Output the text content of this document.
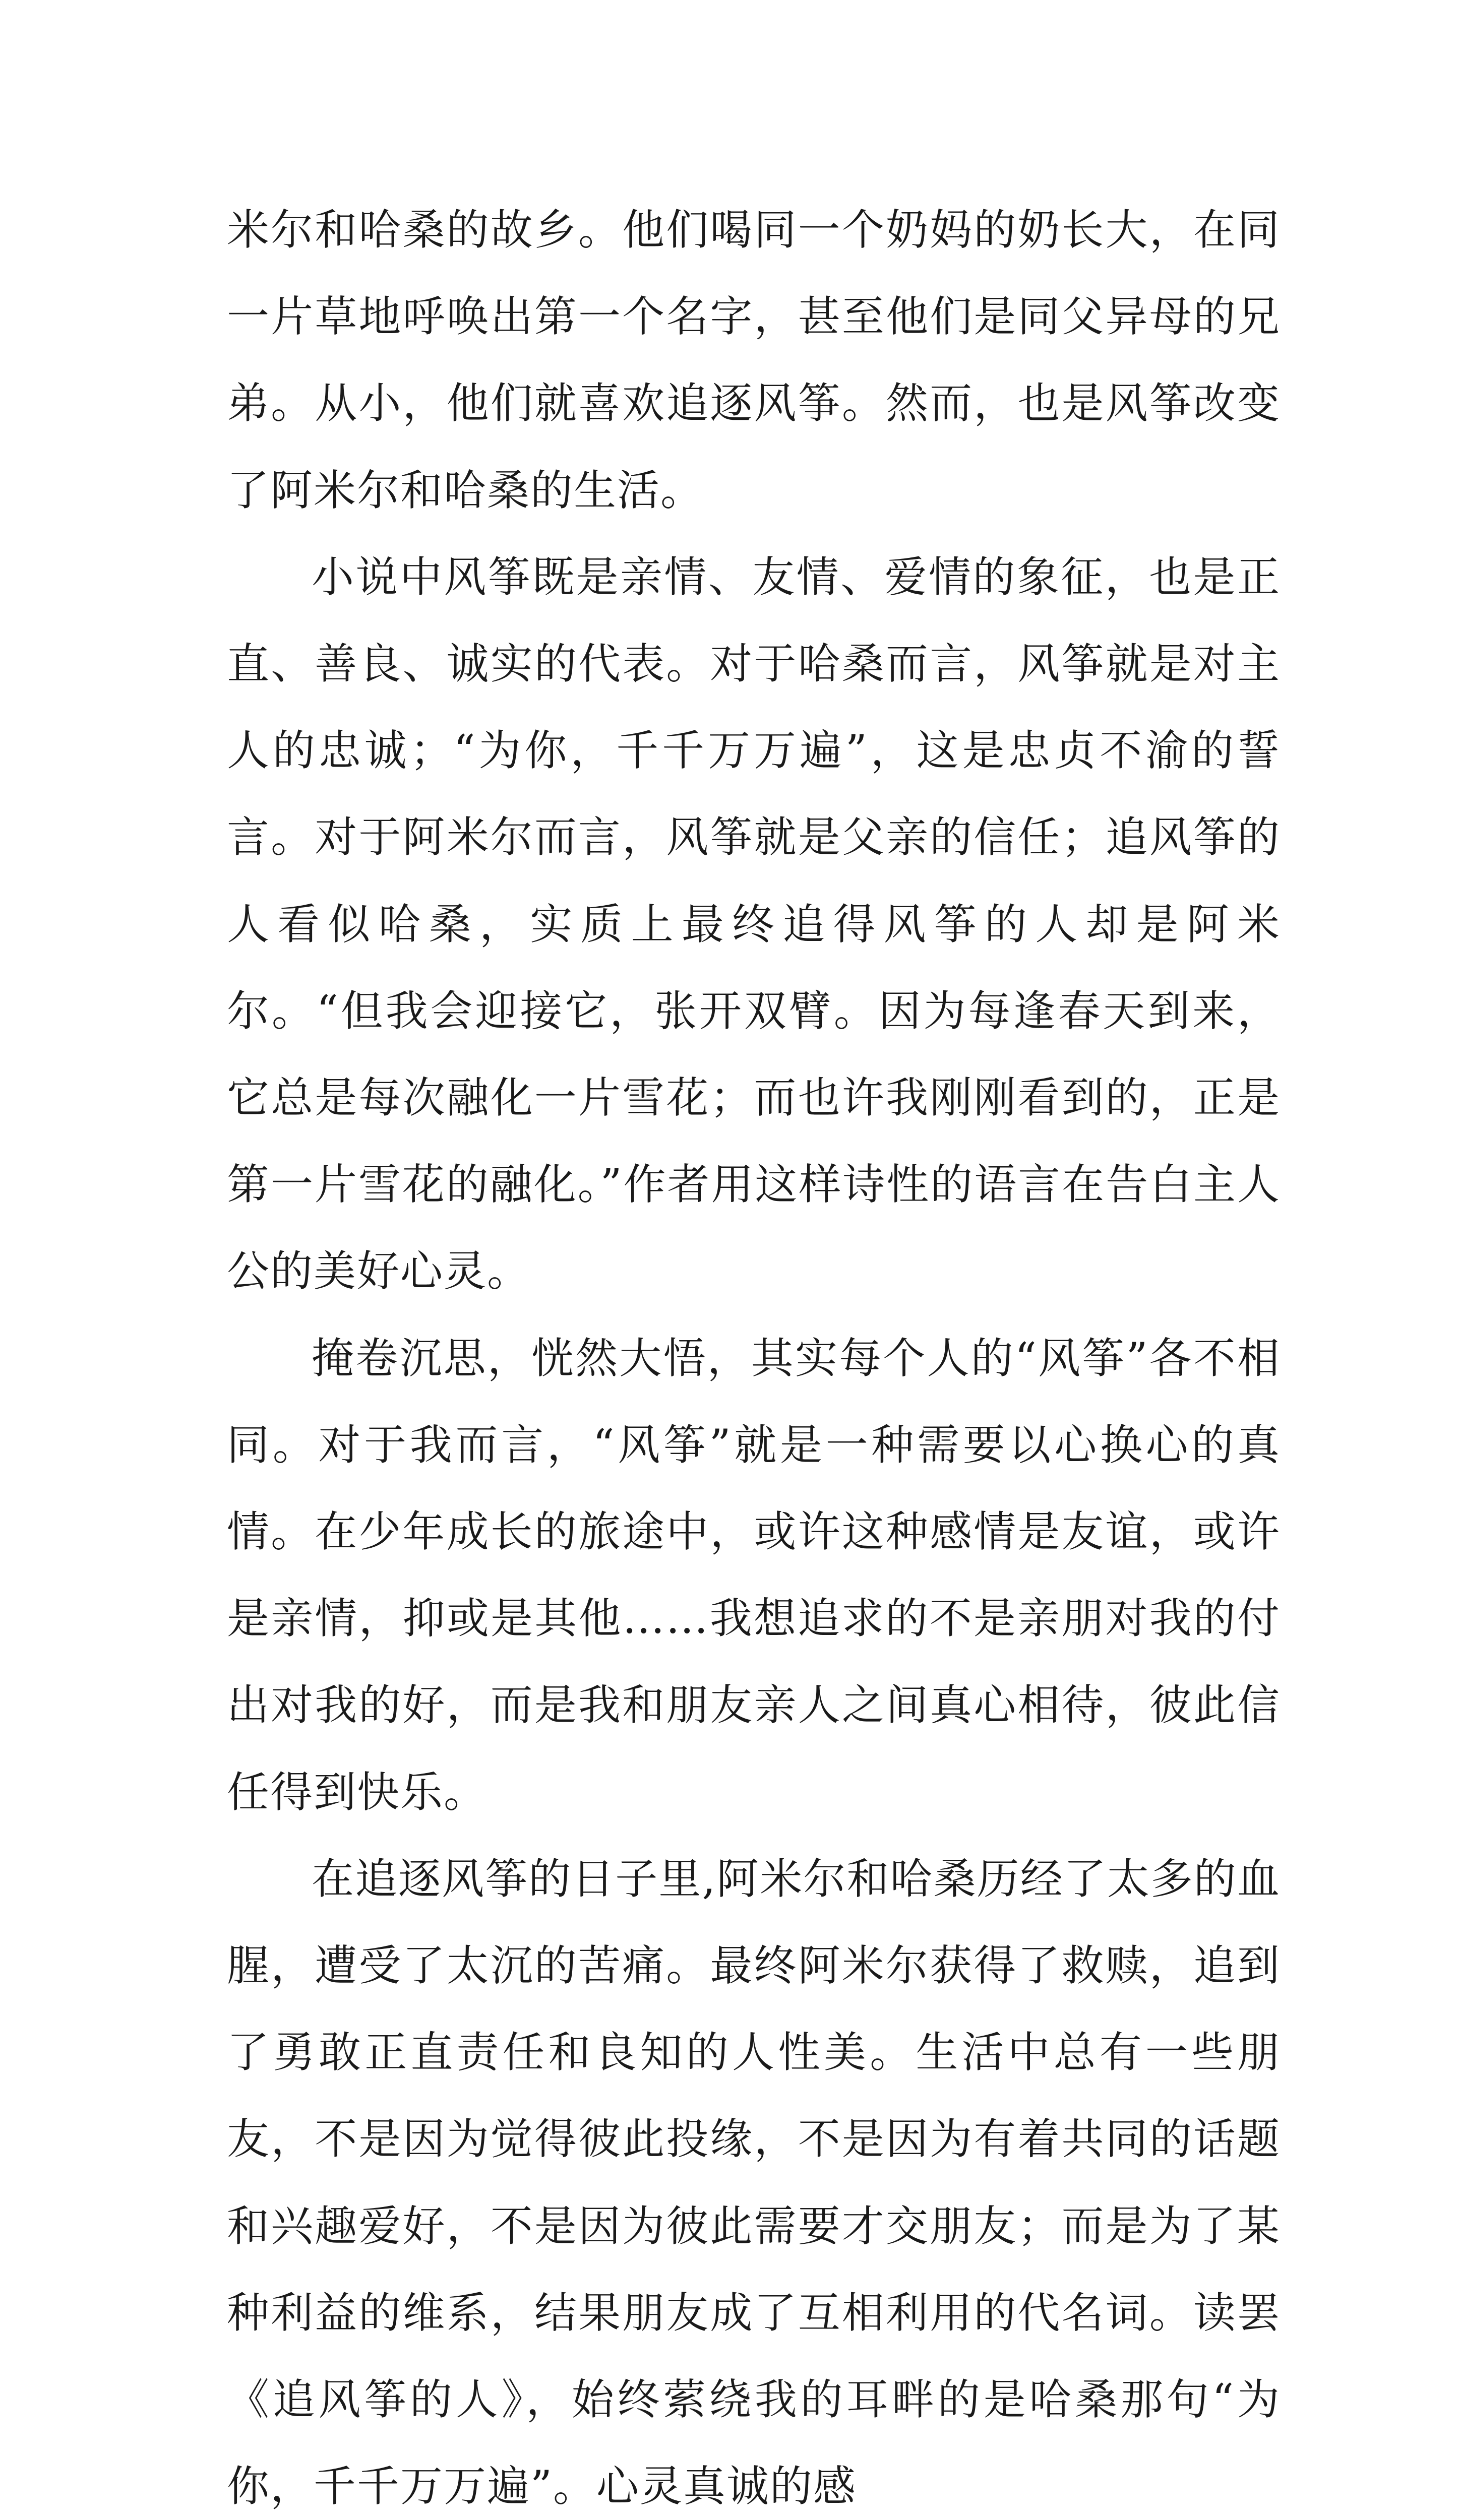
米尔和哈桑的故乡。他们喝同一个奶妈的奶长大，在同一片草地呼唤出第一个名字，甚至他们是同父异母的兄弟。从小，他们就喜欢追逐风筝。然而，也是风筝改变了阿米尔和哈桑的生活。

小说中风筝既是亲情、友情、爱情的象征，也是正直、善良、诚实的代表。对于哈桑而言，风筝就是对主人的忠诚；“为你，千千万万遍”，这是忠贞不渝的誓言。对于阿米尔而言，风筝就是父亲的信任；追风筝的人看似哈桑，实质上最终追得风筝的人却是阿米尔。“但我会迎接它，张开双臂。因为每逢春天到来，它总是每次融化一片雪花；而也许我刚刚看到的，正是第一片雪花的融化。”作者用这样诗性的语言在告白主人公的美好心灵。

掩卷沉思，恍然大悟，其实每个人的“风筝”各不相同。对于我而言，“风筝”就是一种需要以心换心的真情。在少年成长的旅途中，或许这种感情是友谊，或许是亲情，抑或是其他……我想追求的不是亲朋对我的付出对我的好，而是我和朋友亲人之间真心相待，彼此信任得到快乐。

在追逐风筝的日子里,阿米尔和哈桑历经了太多的血腥，遭受了太沉的苦痛。最终阿米尔获得了救赎，追到了勇敢正直责任和良知的人性美。生活中总有一些朋友，不是因为觉得彼此投缘，不是因为有着共同的话题和兴趣爱好，不是因为彼此需要才交朋友；而是为了某种利益的维系，结果朋友成了互相利用的代名词。读罢《追风筝的人》，始终萦绕我的耳畔的是哈桑那句“为你，千千万万遍”。心灵真诚的感
